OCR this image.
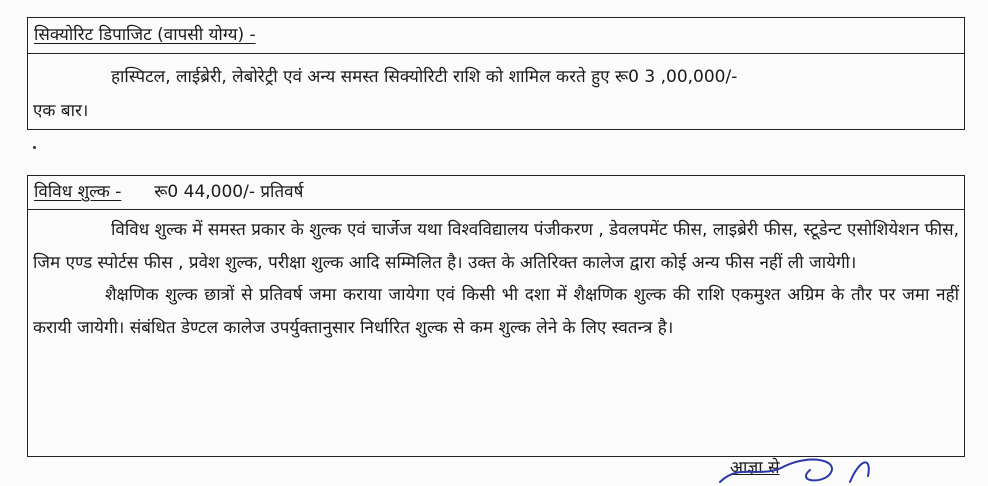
सिक्योरिट डिपाजिट (वापसी योग्य) -

हास्पिटल, लाईब्रेरी, लेबोरेट्री एवं अन्य समस्त सिक्योरिटी राशि को शामिल करते हुए रू0 3 ,00,000/-

एक बार।

विविध शुल्क - रू0 44,000/- प्रतिवर्ष

विविध शुल्क में समस्त प्रकार के शुल्क एवं चार्जेज यथा विश्वविद्यालय पंजीकरण , डेवलपमेंट फीस, लाइब्रेरी फीस, स्टूडेन्ट एसोशियेशन फीस, जिम एण्ड स्पोर्टस फीस , प्रवेश शुल्क, परीक्षा शुल्क आदि सम्मिलित है। उक्त के अतिरिक्त कालेज द्वारा कोई अन्य फीस नहीं ली जायेगी।

शैक्षणिक शुल्क छात्रों से प्रतिवर्ष जमा कराया जायेगा एवं किसी भी दशा में शैक्षणिक शुल्क की राशि एकमुश्त अग्रिम के तौर पर जमा नहीं करायी जायेगी। संबंधित डेण्टल कालेज उपर्युक्तानुसार निर्धारित शुल्क से कम शुल्क लेने के लिए स्वतन्त्र है।

आज्ञा से
